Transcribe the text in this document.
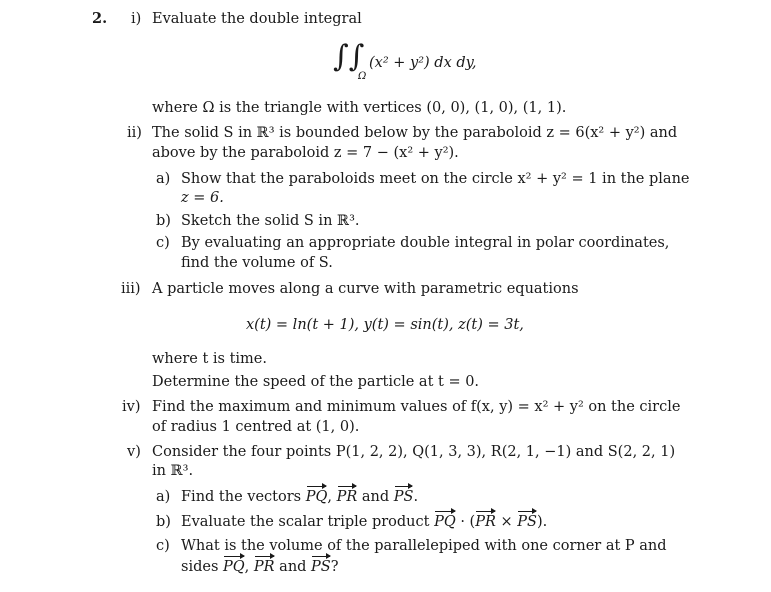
2. i) Evaluate the double integral
∫∫
Ω
(x² + y²) dx dy,
where Ω is the triangle with vertices (0, 0), (1, 0), (1, 1).
ii) The solid S in ℝ³ is bounded below by the paraboloid z = 6(x² + y²) and
above by the paraboloid z = 7 − (x² + y²).
a) Show that the paraboloids meet on the circle x² + y² = 1 in the plane
z = 6.
b) Sketch the solid S in ℝ³.
c) By evaluating an appropriate double integral in polar coordinates,
find the volume of S.
iii) A particle moves along a curve with parametric equations
x(t) = ln(t + 1), y(t) = sin(t), z(t) = 3t,
where t is time.
Determine the speed of the particle at t = 0.
iv) Find the maximum and minimum values of f(x, y) = x² + y² on the circle
of radius 1 centred at (1, 0).
v) Consider the four points P(1, 2, 2), Q(1, 3, 3), R(2, 1, −1) and S(2, 2, 1)
in ℝ³.
a) Find the vectors PQ, PR and PS.
b) Evaluate the scalar triple product PQ · (PR × PS).
c) What is the volume of the parallelepiped with one corner at P and
sides PQ, PR and PS?
